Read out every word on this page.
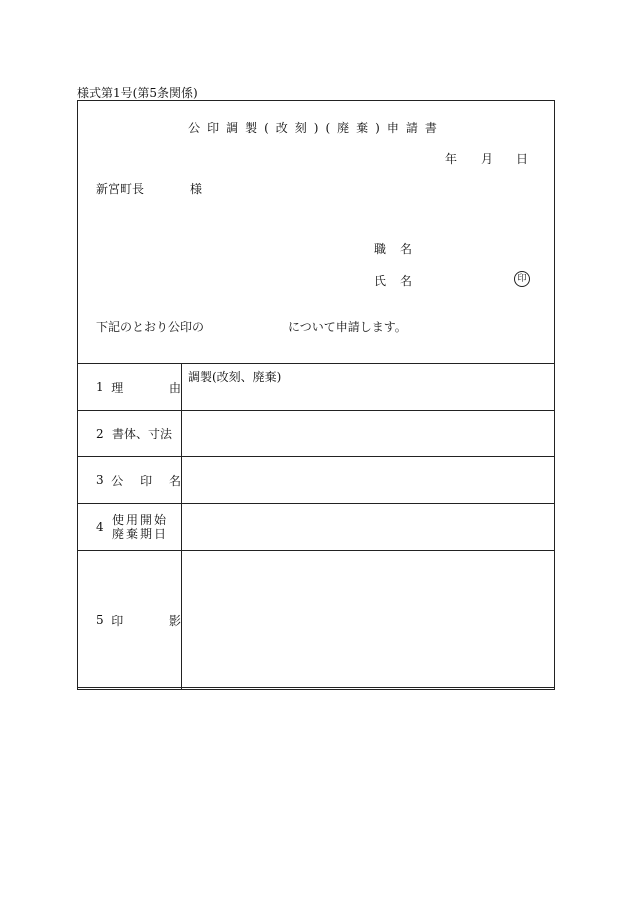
様式第1号(第5条関係)
公印調製(改刻)(廃棄)申請書
年 月 日
新宮町長	様
職名
氏名	印
下記のとおり公印の	について申請します。
1 理 由	調製(改刻、廃棄)

2 書体、寸法	

3 公 印 名	

4 使用開始
廃棄期日	

5 印 影	
